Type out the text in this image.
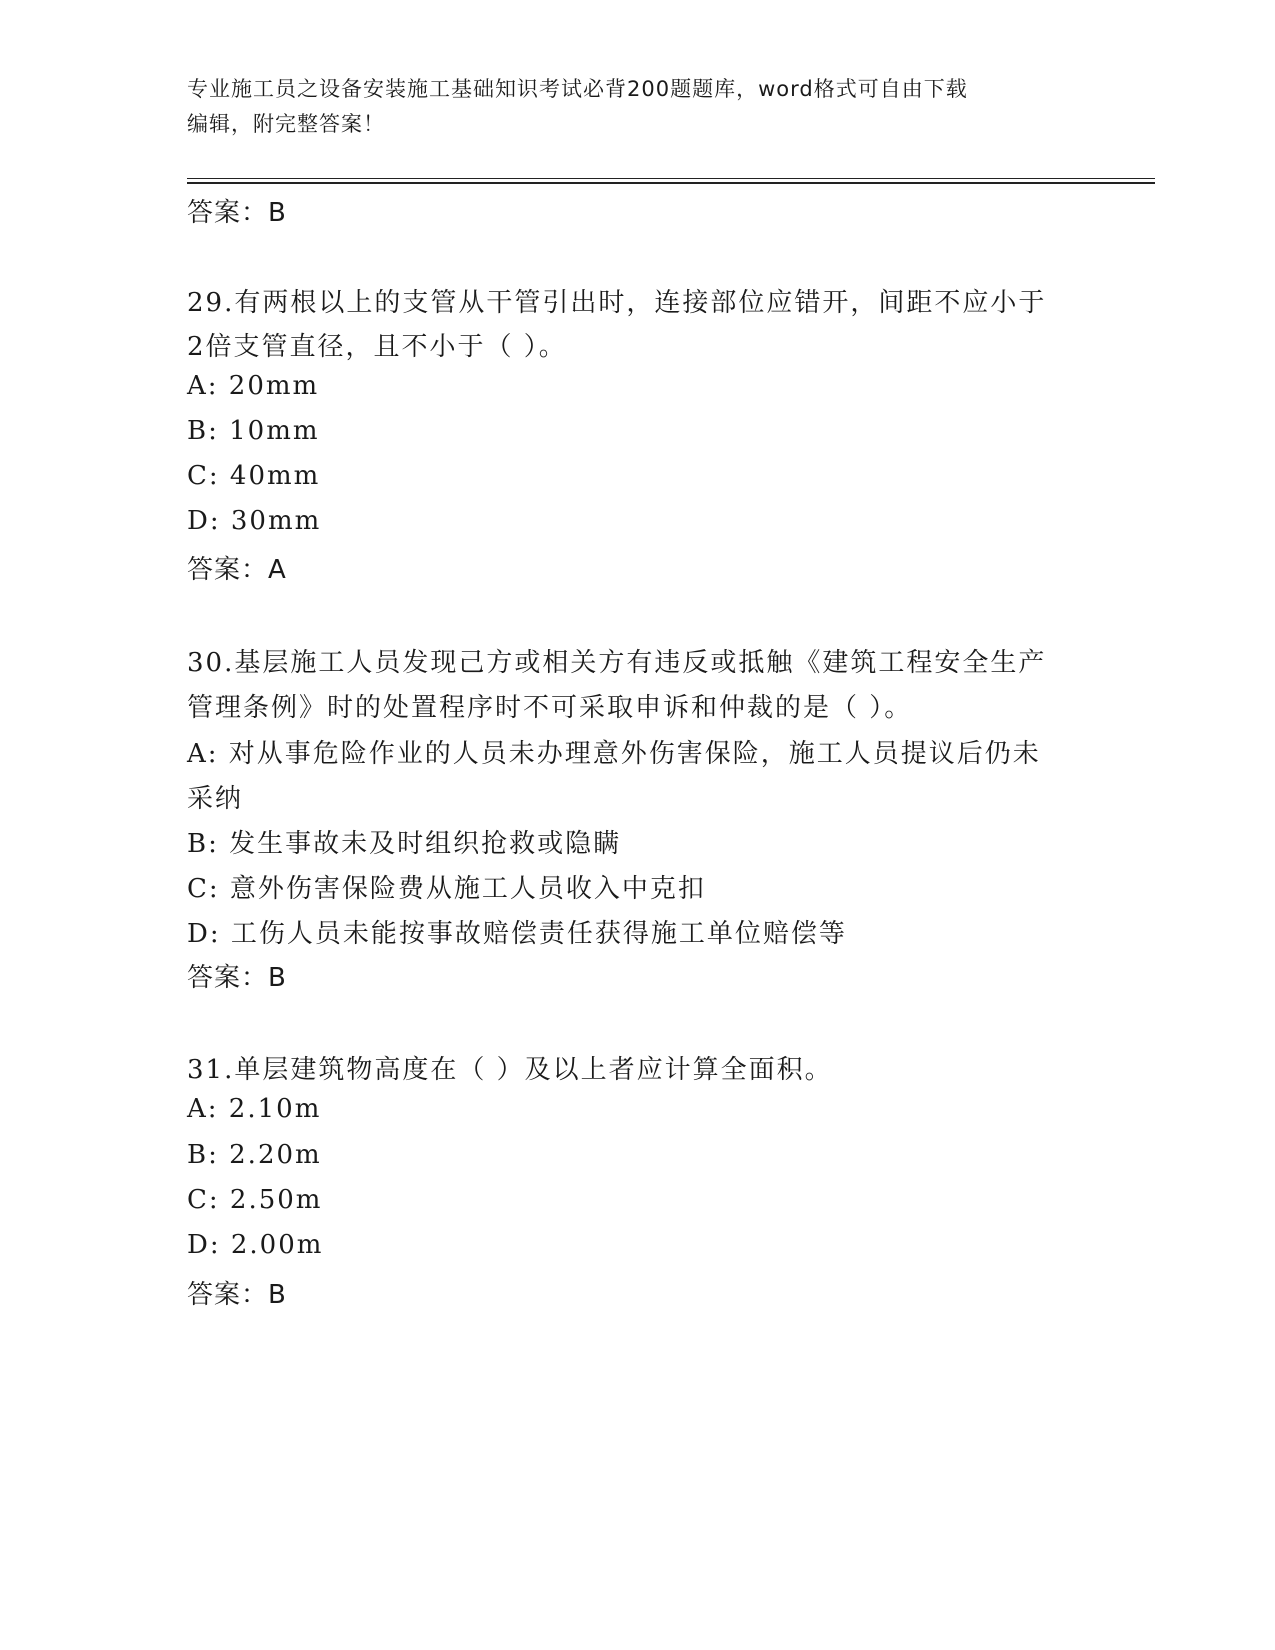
专业施工员之设备安装施工基础知识考试必背200题题库，word格式可自由下载
编辑，附完整答案！
答案：B
29.有两根以上的支管从干管引出时，连接部位应错开，间距不应小于
2倍支管直径，且不小于（ ）。
A: 20mm
B: 10mm
C: 40mm
D: 30mm
答案：A
30.基层施工人员发现己方或相关方有违反或抵触《建筑工程安全生产
管理条例》时的处置程序时不可采取申诉和仲裁的是（ ）。
A: 对从事危险作业的人员未办理意外伤害保险，施工人员提议后仍未
采纳
B: 发生事故未及时组织抢救或隐瞒
C: 意外伤害保险费从施工人员收入中克扣
D: 工伤人员未能按事故赔偿责任获得施工单位赔偿等
答案：B
31.单层建筑物高度在（ ）及以上者应计算全面积。
A: 2.10m
B: 2.20m
C: 2.50m
D: 2.00m
答案：B
